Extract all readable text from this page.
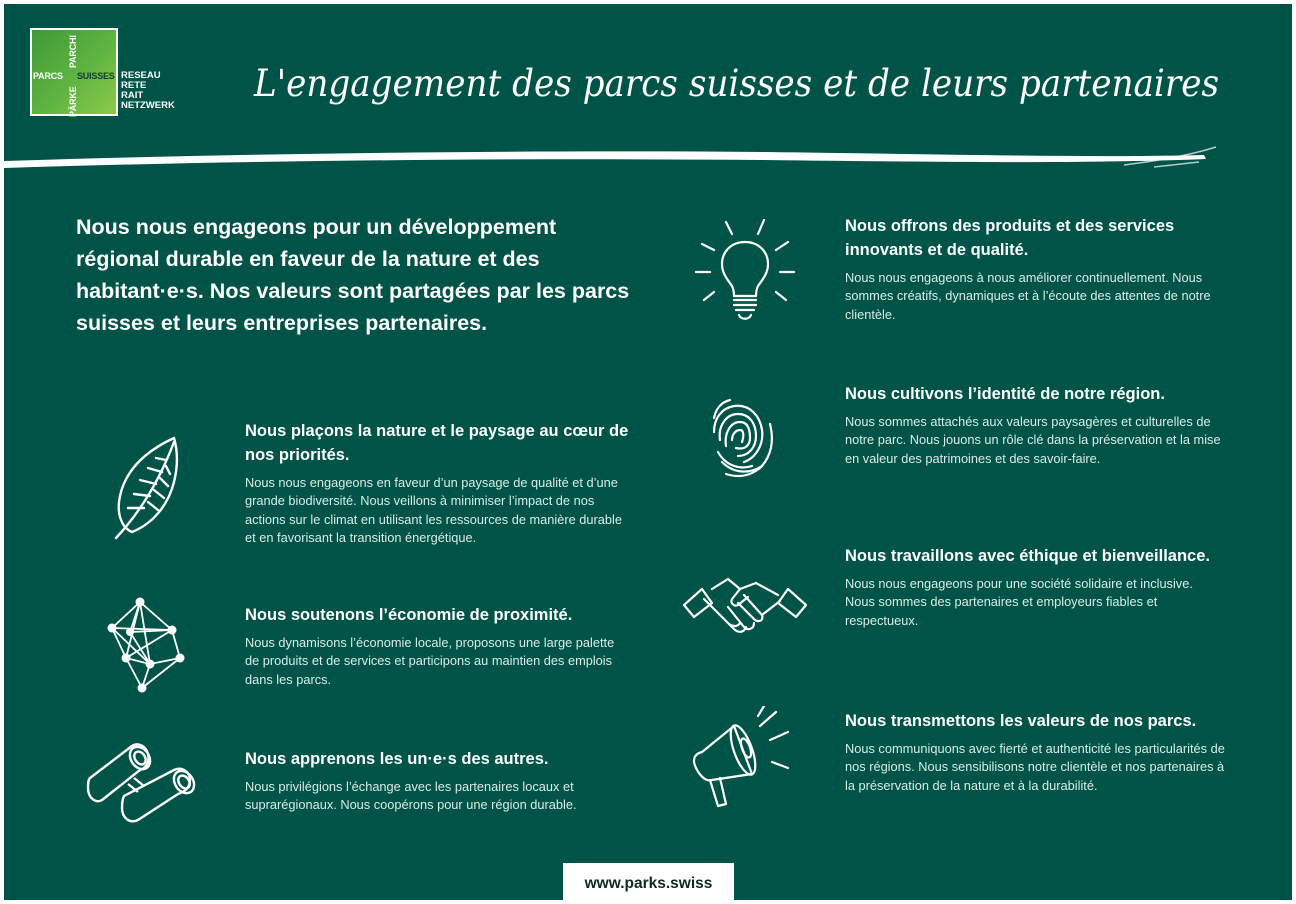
PARCS SUISSES
PARCHI
PÄRKE
RESEAU
RETE
RAIT
NETZWERK
L'engagement des parcs suisses et de leurs partenaires

Nous nous engageons pour un développement régional durable en faveur de la nature et des habitant·e·s. Nos valeurs sont partagées par les parcs suisses et leurs entreprises partenaires.

Nous plaçons la nature et le paysage au cœur de nos priorités.

Nous nous engageons en faveur d’un paysage de qualité et d’une grande biodiversité. Nous veillons à minimiser l’impact de nos actions sur le climat en utilisant les ressources de manière durable et en favorisant la transition énergétique.

Nous soutenons l’économie de proximité.

Nous dynamisons l’économie locale, proposons une large palette de produits et de services et participons au maintien des emplois dans les parcs.

Nous apprenons les un·e·s des autres.

Nous privilégions l’échange avec les partenaires locaux et suprarégionaux. Nous coopérons pour une région durable.

Nous offrons des produits et des services innovants et de qualité.

Nous nous engageons à nous améliorer continuellement. Nous sommes créatifs, dynamiques et à l’écoute des attentes de notre clientèle.

Nous cultivons l’identité de notre région.

Nous sommes attachés aux valeurs paysagères et culturelles de notre parc. Nous jouons un rôle clé dans la préservation et la mise en valeur des patrimoines et des savoir-faire.

Nous travaillons avec éthique et bienveillance.

Nous nous engageons pour une société solidaire et inclusive. Nous sommes des partenaires et employeurs fiables et respectueux.

Nous transmettons les valeurs de nos parcs.

Nous communiquons avec fierté et authenticité les particularités de nos régions. Nous sensibilisons notre clientèle et nos partenaires à la préservation de la nature et à la durabilité.

www.parks.swiss
